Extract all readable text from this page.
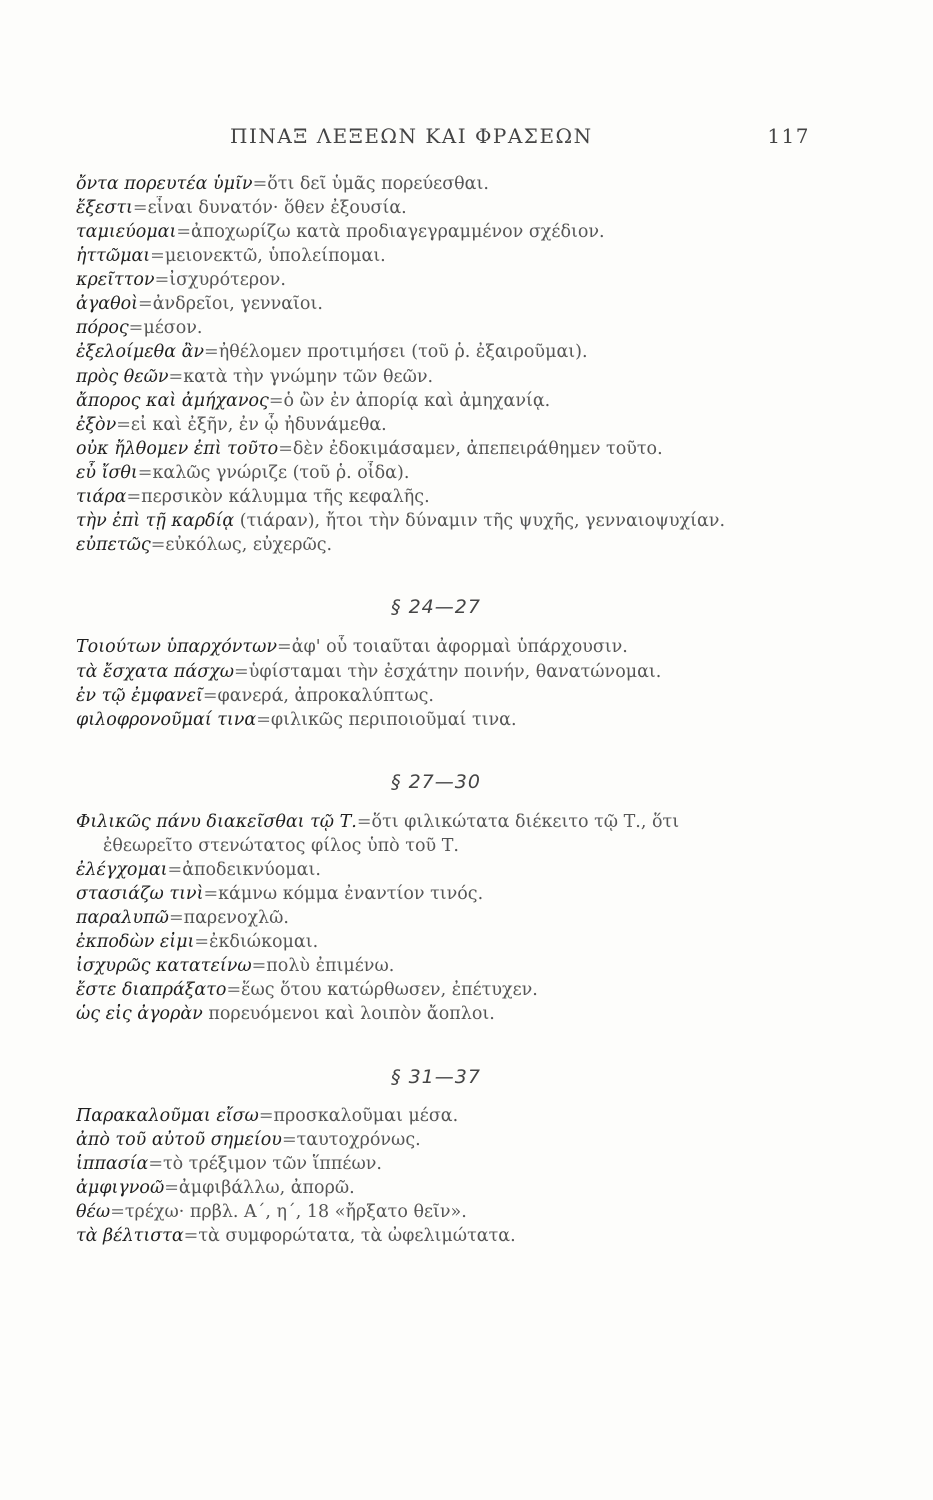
ΠΙΝΑΞ ΛΕΞΕΩΝ ΚΑΙ ΦΡΑΣΕΩΝ	117
ὄντα πορευτέα ὑμῖν=ὅτι δεῖ ὑμᾶς πορεύεσθαι.
ἔξεστι=εἶναι δυνατόν· ὅθεν ἐξουσία.
ταμιεύομαι=ἀποχωρίζω κατὰ προδιαγεγραμμένον σχέδιον.
ἡττῶμαι=μειονεκτῶ, ὑπολείπομαι.
κρεῖττον=ἰσχυρότερον.
ἀγαθοὶ=ἀνδρεῖοι, γενναῖοι.
πόρος=μέσον.
ἐξελοίμεθα ἂν=ἠθέλομεν προτιμήσει (τοῦ ῥ. ἐξαιροῦμαι).
πρὸς θεῶν=κατὰ τὴν γνώμην τῶν θεῶν.
ἄπορος καὶ ἀμήχανος=ὁ ὢν ἐν ἀπορίᾳ καὶ ἀμηχανίᾳ.
ἐξὸν=εἰ καὶ ἐξῆν, ἐν ᾧ ἠδυνάμεθα.
οὐκ ἤλθομεν ἐπὶ τοῦτο=δὲν ἐδοκιμάσαμεν, ἀπεπειράθημεν τοῦτο.
εὖ ἴσθι=καλῶς γνώριζε (τοῦ ῥ. οἶδα).
τιάρα=περσικὸν κάλυμμα τῆς κεφαλῆς.
τὴν ἐπὶ τῇ καρδίᾳ (τιάραν), ἤτοι τὴν δύναμιν τῆς ψυχῆς, γενναιοψυχίαν.
εὐπετῶς=εὐκόλως, εὐχερῶς.
§ 24—27
Τοιούτων ὑπαρχόντων=ἀφ' οὗ τοιαῦται ἀφορμαὶ ὑπάρχουσιν.
τὰ ἔσχατα πάσχω=ὑφίσταμαι τὴν ἐσχάτην ποινήν, θανατώνομαι.
ἐν τῷ ἐμφανεῖ=φανερά, ἀπροκαλύπτως.
φιλοφρονοῦμαί τινα=φιλικῶς περιποιοῦμαί τινα.
§ 27—30
Φιλικῶς πάνυ διακεῖσθαι τῷ Τ.=ὅτι φιλικώτατα διέκειτο τῷ Τ., ὅτι
ἐθεωρεῖτο στενώτατος φίλος ὑπὸ τοῦ Τ.
ἐλέγχομαι=ἀποδεικνύομαι.
στασιάζω τινὶ=κάμνω κόμμα ἐναντίον τινός.
παραλυπῶ=παρενοχλῶ.
ἐκποδὼν εἰμι=ἐκδιώκομαι.
ἰσχυρῶς κατατείνω=πολὺ ἐπιμένω.
ἔστε διαπράξατο=ἕως ὅτου κατώρθωσεν, ἐπέτυχεν.
ὡς εἰς ἀγορὰν πορευόμενοι καὶ λοιπὸν ἄοπλοι.
§ 31—37
Παρακαλοῦμαι εἴσω=προσκαλοῦμαι μέσα.
ἀπὸ τοῦ αὐτοῦ σημείου=ταυτοχρόνως.
ἱππασία=τὸ τρέξιμον τῶν ἵππέων.
ἀμφιγνοῶ=ἀμφιβάλλω, ἀπορῶ.
θέω=τρέχω· πρβλ. Α΄, η΄, 18 «ἤρξατο θεῖν».
τὰ βέλτιστα=τὰ συμφορώτατα, τὰ ὠφελιμώτατα.
